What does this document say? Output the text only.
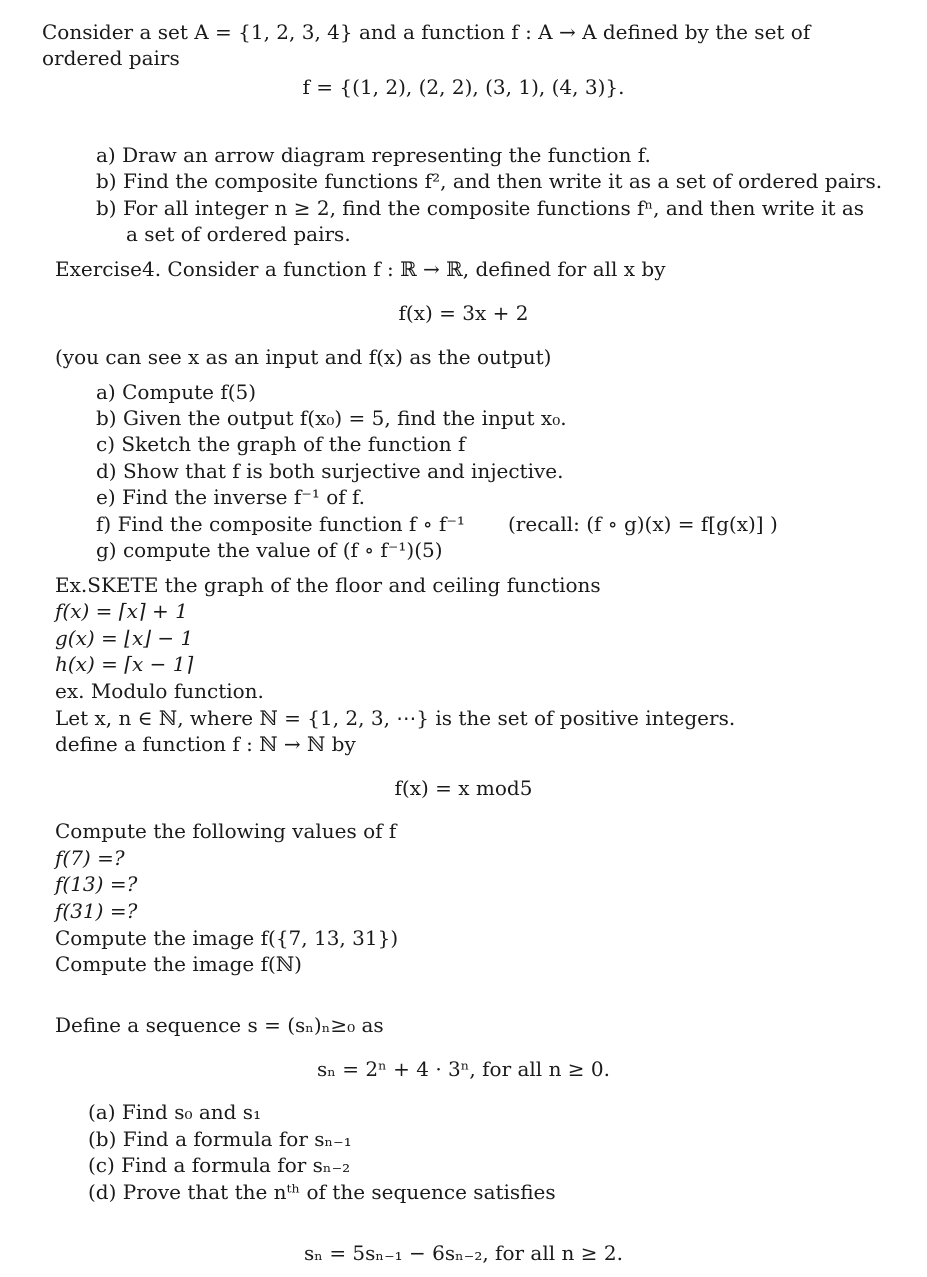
Consider a set A = {1, 2, 3, 4} and a function f : A → A defined by the set of
ordered pairs
f = {(1, 2), (2, 2), (3, 1), (4, 3)}.
a) Draw an arrow diagram representing the function f.
b) Find the composite functions f², and then write it as a set of ordered pairs.
b) For all integer n ≥ 2, find the composite functions fⁿ, and then write it as
a set of ordered pairs.
Exercise4. Consider a function f : ℝ → ℝ, defined for all x by
f(x) = 3x + 2
(you can see x as an input and f(x) as the output)
a) Compute f(5)
b) Given the output f(x₀) = 5, find the input x₀.
c) Sketch the graph of the function f
d) Show that f is both surjective and injective.
e) Find the inverse f⁻¹ of f.
f) Find the composite function f ∘ f⁻¹ (recall: (f ∘ g)(x) = f[g(x)] )
g) compute the value of (f ∘ f⁻¹)(5)
Ex.SKETE the graph of the floor and ceiling functions
f(x) = ⌈x⌉ + 1
g(x) = ⌊x⌋ − 1
h(x) = ⌈x − 1⌉
ex. Modulo function.
Let x, n ∈ ℕ, where ℕ = {1, 2, 3, ⋯} is the set of positive integers.
define a function f : ℕ → ℕ by
f(x) = x mod5
Compute the following values of f
f(7) =?
f(13) =?
f(31) =?
Compute the image f({7, 13, 31})
Compute the image f(ℕ)
Define a sequence s = (sₙ)ₙ≥₀ as
sₙ = 2ⁿ + 4 · 3ⁿ, for all n ≥ 0.
(a) Find s₀ and s₁
(b) Find a formula for sₙ₋₁
(c) Find a formula for sₙ₋₂
(d) Prove that the nᵗʰ of the sequence satisfies
sₙ = 5sₙ₋₁ − 6sₙ₋₂, for all n ≥ 2.
